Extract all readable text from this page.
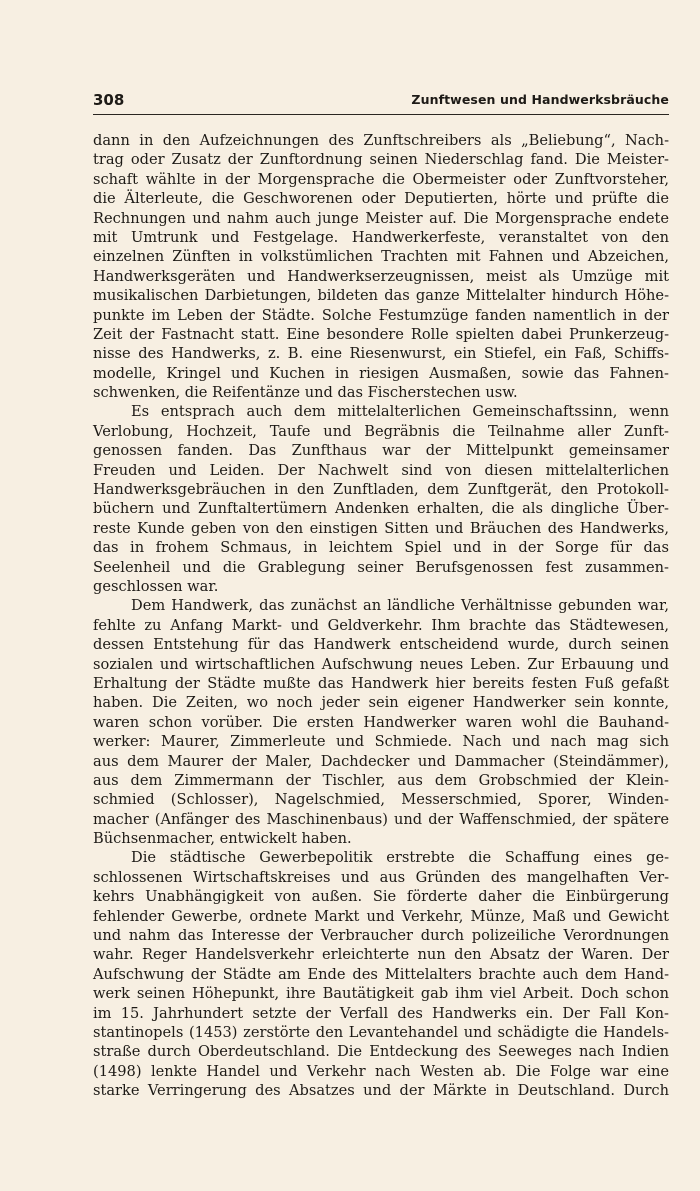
308	Zunftwesen und Handwerksbräuche
dann in den Aufzeichnungen des Zunftschreibers als „Beliebung“, Nach-
trag oder Zusatz der Zunftordnung seinen Niederschlag fand. Die Meister-
schaft wählte in der Morgensprache die Obermeister oder Zunftvorsteher,
die Älterleute, die Geschworenen oder Deputierten, hörte und prüfte die
Rechnungen und nahm auch junge Meister auf. Die Morgensprache endete
mit Umtrunk und Festgelage. Handwerkerfeste, veranstaltet von den
einzelnen Zünften in volkstümlichen Trachten mit Fahnen und Abzeichen,
Handwerksgeräten und Handwerkserzeugnissen, meist als Umzüge mit
musikalischen Darbietungen, bildeten das ganze Mittelalter hindurch Höhe-
punkte im Leben der Städte. Solche Festumzüge fanden namentlich in der
Zeit der Fastnacht statt. Eine besondere Rolle spielten dabei Prunkerzeug-
nisse des Handwerks, z. B. eine Riesenwurst, ein Stiefel, ein Faß, Schiffs-
modelle, Kringel und Kuchen in riesigen Ausmaßen, sowie das Fahnen-
schwenken, die Reifentänze und das Fischerstechen usw.
Es entsprach auch dem mittelalterlichen Gemeinschaftssinn, wenn
Verlobung, Hochzeit, Taufe und Begräbnis die Teilnahme aller Zunft-
genossen fanden. Das Zunfthaus war der Mittelpunkt gemeinsamer
Freuden und Leiden. Der Nachwelt sind von diesen mittelalterlichen
Handwerksgebräuchen in den Zunftladen, dem Zunftgerät, den Protokoll-
büchern und Zunftaltertümern Andenken erhalten, die als dingliche Über-
reste Kunde geben von den einstigen Sitten und Bräuchen des Handwerks,
das in frohem Schmaus, in leichtem Spiel und in der Sorge für das
Seelenheil und die Grablegung seiner Berufsgenossen fest zusammen-
geschlossen war.
Dem Handwerk, das zunächst an ländliche Verhältnisse gebunden war,
fehlte zu Anfang Markt- und Geldverkehr. Ihm brachte das Städtewesen,
dessen Entstehung für das Handwerk entscheidend wurde, durch seinen
sozialen und wirtschaftlichen Aufschwung neues Leben. Zur Erbauung und
Erhaltung der Städte mußte das Handwerk hier bereits festen Fuß gefaßt
haben. Die Zeiten, wo noch jeder sein eigener Handwerker sein konnte,
waren schon vorüber. Die ersten Handwerker waren wohl die Bauhand-
werker: Maurer, Zimmerleute und Schmiede. Nach und nach mag sich
aus dem Maurer der Maler, Dachdecker und Dammacher (Steindämmer),
aus dem Zimmermann der Tischler, aus dem Grobschmied der Klein-
schmied (Schlosser), Nagelschmied, Messerschmied, Sporer, Winden-
macher (Anfänger des Maschinenbaus) und der Waffenschmied, der spätere
Büchsenmacher, entwickelt haben.
Die städtische Gewerbepolitik erstrebte die Schaffung eines ge-
schlossenen Wirtschaftskreises und aus Gründen des mangelhaften Ver-
kehrs Unabhängigkeit von außen. Sie förderte daher die Einbürgerung
fehlender Gewerbe, ordnete Markt und Verkehr, Münze, Maß und Gewicht
und nahm das Interesse der Verbraucher durch polizeiliche Verordnungen
wahr. Reger Handelsverkehr erleichterte nun den Absatz der Waren. Der
Aufschwung der Städte am Ende des Mittelalters brachte auch dem Hand-
werk seinen Höhepunkt, ihre Bautätigkeit gab ihm viel Arbeit. Doch schon
im 15. Jahrhundert setzte der Verfall des Handwerks ein. Der Fall Kon-
stantinopels (1453) zerstörte den Levantehandel und schädigte die Handels-
straße durch Oberdeutschland. Die Entdeckung des Seeweges nach Indien
(1498) lenkte Handel und Verkehr nach Westen ab. Die Folge war eine
starke Verringerung des Absatzes und der Märkte in Deutschland. Durch
